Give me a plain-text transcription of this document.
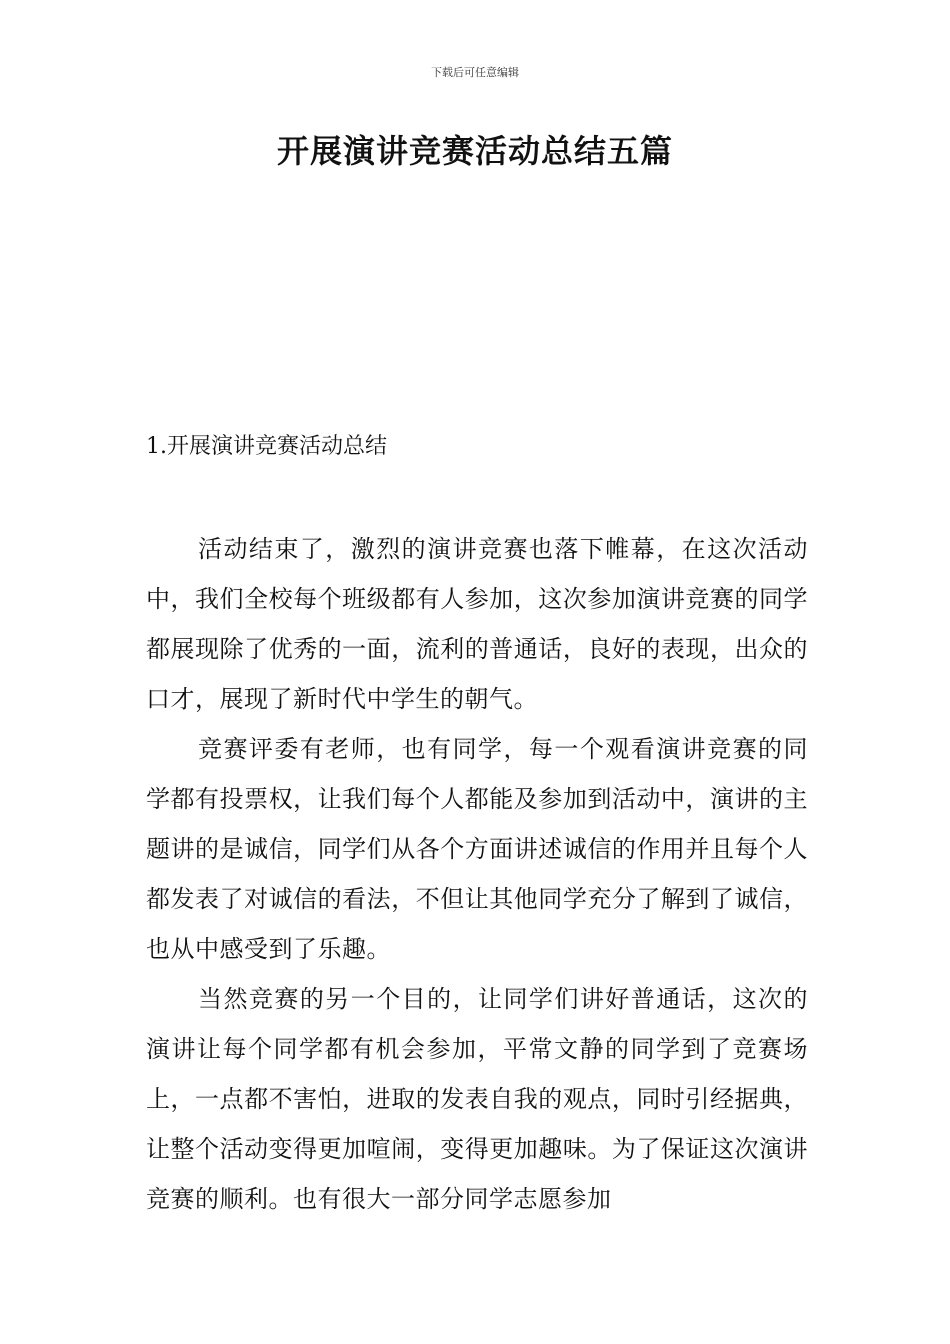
下载后可任意编辑
开展演讲竞赛活动总结五篇
1.开展演讲竞赛活动总结

活动结束了，激烈的演讲竞赛也落下帷幕，在这次活动中，我们全校每个班级都有人参加，这次参加演讲竞赛的同学都展现除了优秀的一面，流利的普通话，良好的表现，出众的口才，展现了新时代中学生的朝气。

竞赛评委有老师，也有同学，每一个观看演讲竞赛的同学都有投票权，让我们每个人都能及参加到活动中，演讲的主题讲的是诚信，同学们从各个方面讲述诚信的作用并且每个人都发表了对诚信的看法，不但让其他同学充分了解到了诚信，也从中感受到了乐趣。

当然竞赛的另一个目的，让同学们讲好普通话，这次的演讲让每个同学都有机会参加，平常文静的同学到了竞赛场上，一点都不害怕，进取的发表自我的观点，同时引经据典，让整个活动变得更加喧闹，变得更加趣味。为了保证这次演讲竞赛的顺利。也有很大一部分同学志愿参加
